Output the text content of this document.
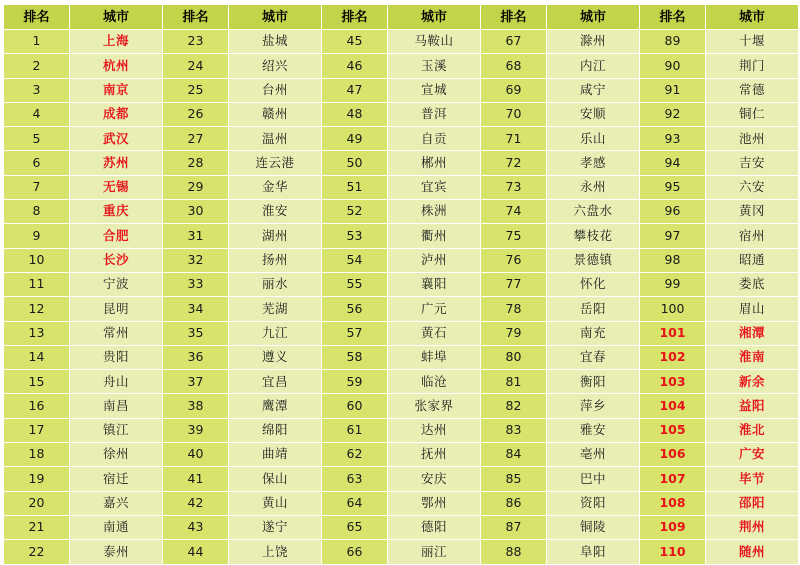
排名	城市	排名	城市	排名	城市	排名	城市	排名	城市
1	上海	23	盐城	45	马鞍山	67	滁州	89	十堰
2	杭州	24	绍兴	46	玉溪	68	内江	90	荆门
3	南京	25	台州	47	宣城	69	咸宁	91	常德
4	成都	26	赣州	48	普洱	70	安顺	92	铜仁
5	武汉	27	温州	49	自贡	71	乐山	93	池州
6	苏州	28	连云港	50	郴州	72	孝感	94	吉安
7	无锡	29	金华	51	宜宾	73	永州	95	六安
8	重庆	30	淮安	52	株洲	74	六盘水	96	黄冈
9	合肥	31	湖州	53	衢州	75	攀枝花	97	宿州
10	长沙	32	扬州	54	泸州	76	景德镇	98	昭通
11	宁波	33	丽水	55	襄阳	77	怀化	99	娄底
12	昆明	34	芜湖	56	广元	78	岳阳	100	眉山
13	常州	35	九江	57	黄石	79	南充	101	湘潭
14	贵阳	36	遵义	58	蚌埠	80	宜春	102	淮南
15	舟山	37	宜昌	59	临沧	81	衡阳	103	新余
16	南昌	38	鹰潭	60	张家界	82	萍乡	104	益阳
17	镇江	39	绵阳	61	达州	83	雅安	105	淮北
18	徐州	40	曲靖	62	抚州	84	亳州	106	广安
19	宿迁	41	保山	63	安庆	85	巴中	107	毕节
20	嘉兴	42	黄山	64	鄂州	86	资阳	108	邵阳
21	南通	43	遂宁	65	德阳	87	铜陵	109	荆州
22	泰州	44	上饶	66	丽江	88	阜阳	110	随州
